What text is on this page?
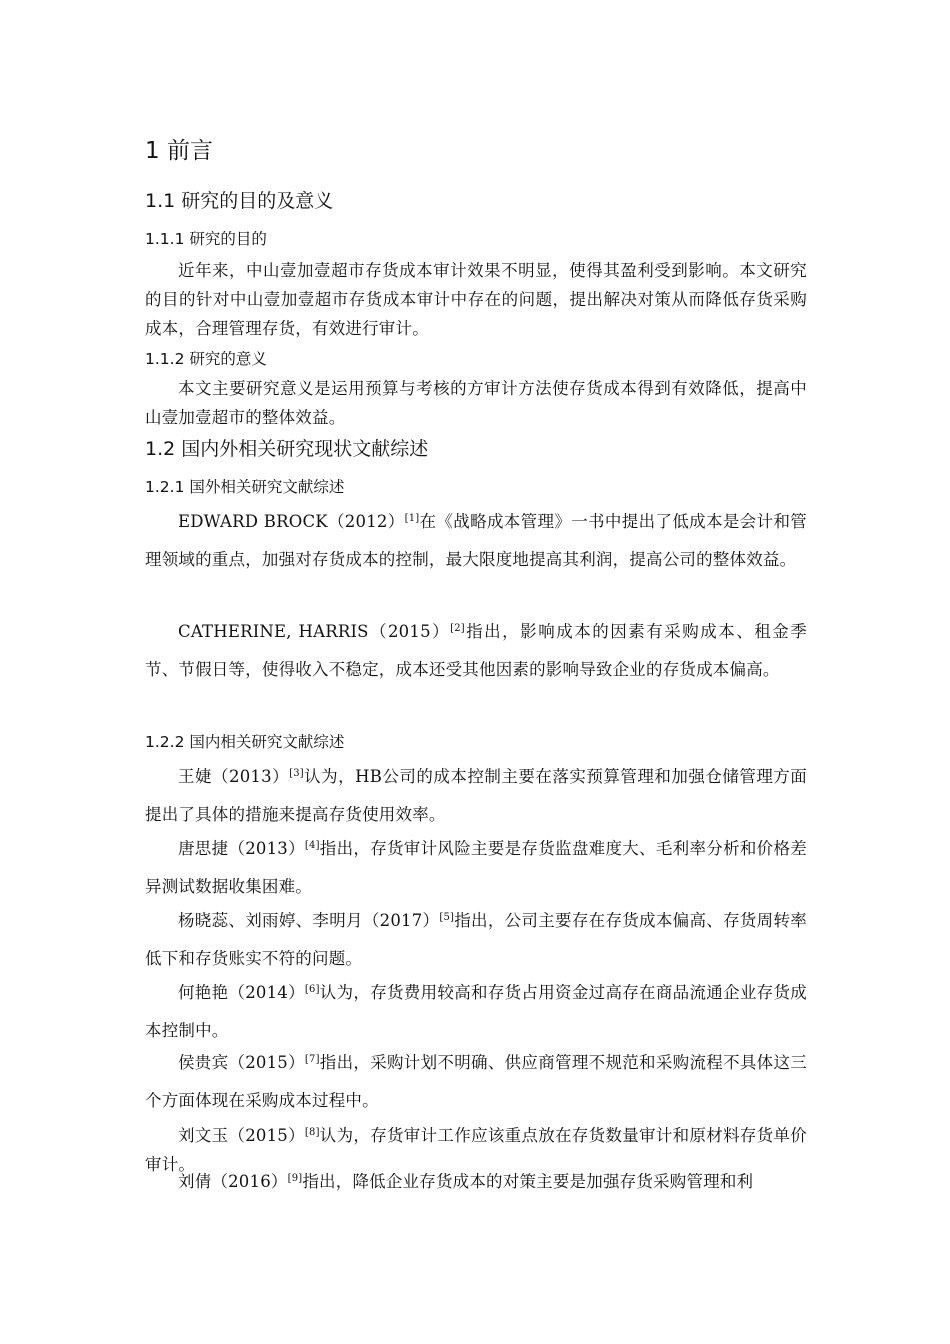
1 前言
1.1 研究的目的及意义
1.1.1 研究的目的
近年来，中山壹加壹超市存货成本审计效果不明显，使得其盈利受到影响。本文研究的目的针对中山壹加壹超市存货成本审计中存在的问题，提出解决对策从而降低存货采购成本，合理管理存货，有效进行审计。
1.1.2 研究的意义
本文主要研究意义是运用预算与考核的方审计方法使存货成本得到有效降低，提高中山壹加壹超市的整体效益。
1.2 国内外相关研究现状文献综述
1.2.1 国外相关研究文献综述
EDWARD BROCK（2012）[1]在《战略成本管理》一书中提出了低成本是会计和管理领域的重点，加强对存货成本的控制，最大限度地提高其利润，提高公司的整体效益。
CATHERINE, HARRIS（2015）[2]指出，影响成本的因素有采购成本、租金季节、节假日等，使得收入不稳定，成本还受其他因素的影响导致企业的存货成本偏高。
1.2.2 国内相关研究文献综述
王婕（2013）[3]认为，HB公司的成本控制主要在落实预算管理和加强仓储管理方面提出了具体的措施来提高存货使用效率。
唐思捷（2013）[4]指出，存货审计风险主要是存货监盘难度大、毛利率分析和价格差异测试数据收集困难。
杨晓蕊、刘雨婷、李明月（2017）[5]指出，公司主要存在存货成本偏高、存货周转率低下和存货账实不符的问题。
何艳艳（2014）[6]认为，存货费用较高和存货占用资金过高存在商品流通企业存货成本控制中。
侯贵宾（2015）[7]指出，采购计划不明确、供应商管理不规范和采购流程不具体这三个方面体现在采购成本过程中。
刘文玉（2015）[8]认为，存货审计工作应该重点放在存货数量审计和原材料存货单价审计。
刘倩（2016）[9]指出，降低企业存货成本的对策主要是加强存货采购管理和利
